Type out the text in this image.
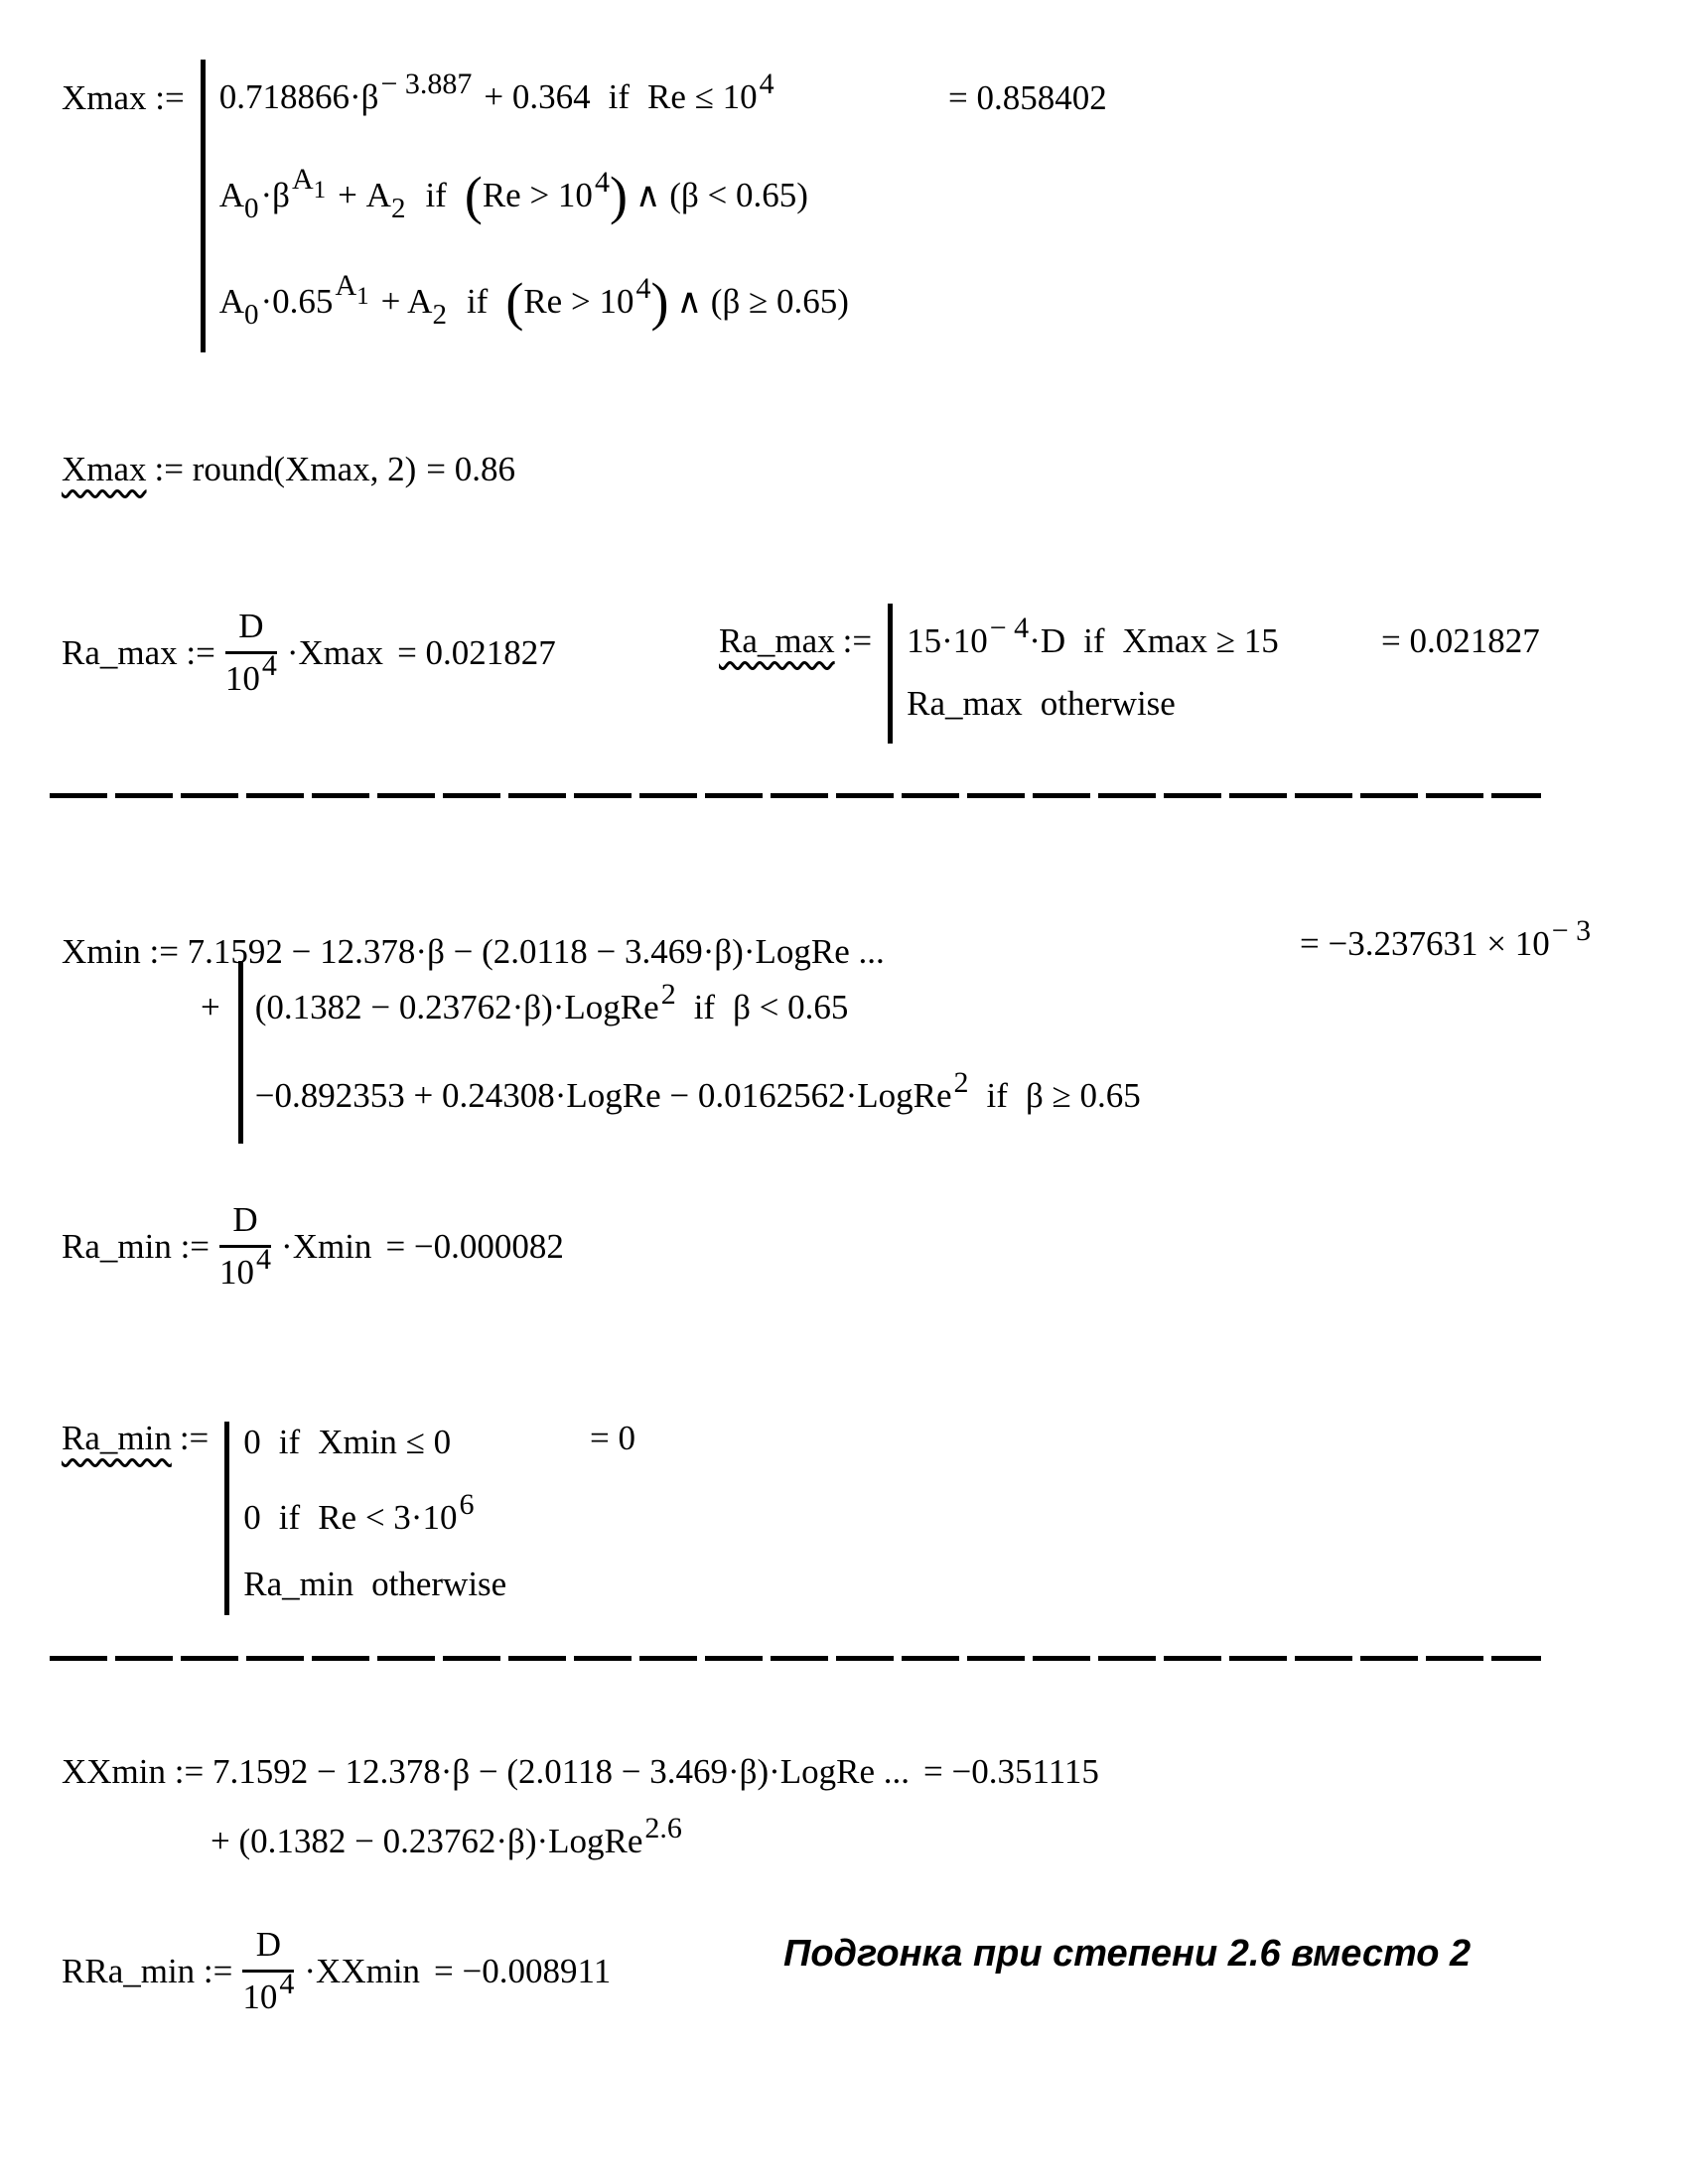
Xmax := 0.718866·β− 3.887 + 0.364 if Re ≤ 104
A0·βA1 + A2 if (Re > 104) ∧ (β < 0.65)
A0·0.65A1 + A2 if (Re > 104) ∧ (β ≥ 0.65)
= 0.858402
Xmax := round(Xmax, 2) = 0.86
Ra_max := $\frac{D}{104} \cdot Xmax = 0.021827$	Ra_max := 15·10− 4·D if Xmax ≥ 15
Ra_max otherwise
= 0.021827
Xmin := 7.1592 − 12.378·β − (2.0118 − 3.469·β)·LogRe ...	= −3.237631 × 10− 3
+ (0.1382 − 0.23762·β)·LogRe2 if β < 0.65
−0.892353 + 0.24308·LogRe − 0.0162562·LogRe2 if β ≥ 0.65
Ra_min := $\frac{D}{104} \cdot Xmin = -0.000082$
Ra_min := 0 if Xmin ≤ 0
0 if Re < 3·106
Ra_min otherwise
= 0
XXmin := 7.1592 − 12.378·β − (2.0118 − 3.469·β)·LogRe ... = −0.351115
+ (0.1382 − 0.23762·β)·LogRe2.6
RRa_min := $\frac{D}{104} \cdot XXmin = -0.008911$	Подгонка при степени 2.6 вместо 2
